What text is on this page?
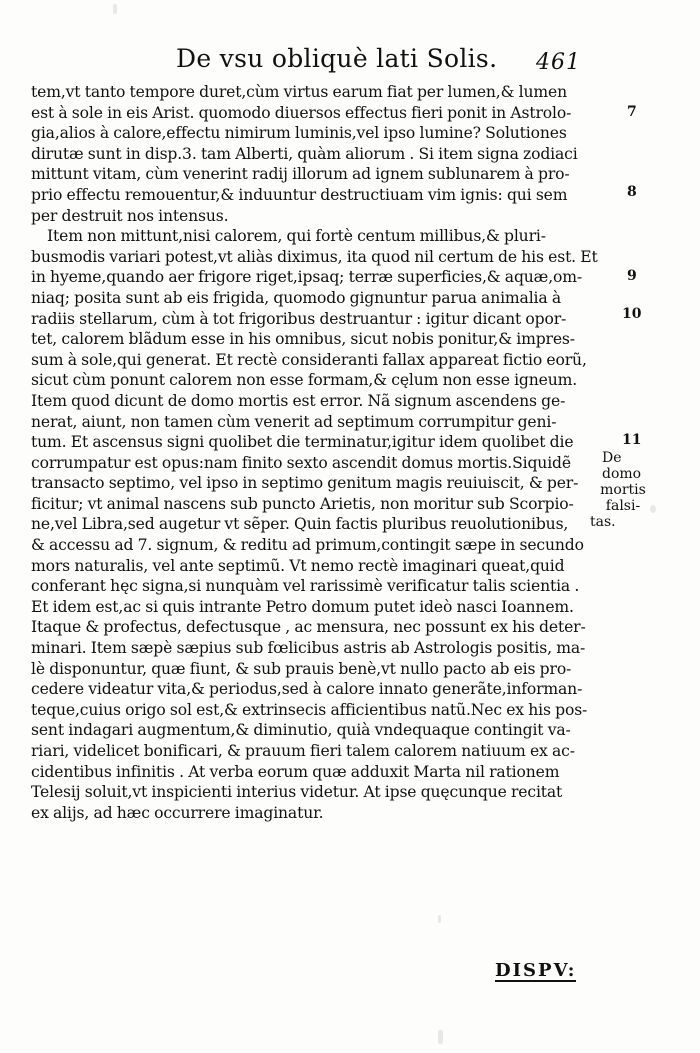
De vsu obliquè lati Solis. 461
tem,vt tanto tempore duret,cùm virtus earum fiat per lumen,& lumen
est à sole in eis Arist. quomodo diuersos effectus fieri ponit in Astrolo-
gia,alios à calore,effectu nimirum luminis,vel ipso lumine? Solutiones
dirutæ sunt in disp.3. tam Alberti, quàm aliorum . Si item signa zodiaci
mittunt vitam, cùm venerint radij illorum ad ignem sublunarem à pro-
prio effectu remouentur,& induuntur destructiuam vim ignis: qui sem
per destruit nos intensus.
Item non mittunt,nisi calorem, qui fortè centum millibus,& pluri-
busmodis variari potest,vt aliàs diximus, ita quod nil certum de his est. Et
in hyeme,quando aer frigore riget,ipsaq; terræ superficies,& aquæ,om-
niaq; posita sunt ab eis frigida, quomodo gignuntur parua animalia à
radiis stellarum, cùm à tot frigoribus destruantur : igitur dicant opor-
tet, calorem blãdum esse in his omnibus, sicut nobis ponitur,& impres-
sum à sole,qui generat. Et rectè consideranti fallax appareat fictio eorũ,
sicut cùm ponunt calorem non esse formam,& cęlum non esse igneum.
Item quod dicunt de domo mortis est error. Nã signum ascendens ge-
nerat, aiunt, non tamen cùm venerit ad septimum corrumpitur geni-
tum. Et ascensus signi quolibet die terminatur,igitur idem quolibet die
corrumpatur est opus:nam finito sexto ascendit domus mortis.Siquidẽ
transacto septimo, vel ipso in septimo genitum magis reuiuiscit, & per-
ficitur; vt animal nascens sub puncto Arietis, non moritur sub Scorpio-
ne,vel Libra,sed augetur vt sẽper. Quin factis pluribus reuolutionibus,
& accessu ad 7. signum, & reditu ad primum,contingit sæpe in secundo
mors naturalis, vel ante septimũ. Vt nemo rectè imaginari queat,quid
conferant hęc signa,si nunquàm vel rarissimè verificatur talis scientia .
Et idem est,ac si quis intrante Petro domum putet ideò nasci Ioannem.
Itaque & profectus, defectusque , ac mensura, nec possunt ex his deter-
minari. Item sæpè sæpius sub fœlicibus astris ab Astrologis positis, ma-
lè disponuntur, quæ fiunt, & sub prauis benè,vt nullo pacto ab eis pro-
cedere videatur vita,& periodus,sed à calore innato generãte,informan-
teque,cuius origo sol est,& extrinsecis afficientibus natũ.Nec ex his pos-
sent indagari augmentum,& diminutio, quià vndequaque contingit va-
riari, videlicet bonificari, & prauum fieri talem calorem natiuum ex ac-
cidentibus infinitis . At verba eorum quæ adduxit Marta nil rationem
Telesij soluit,vt inspicienti interius videtur. At ipse quęcunque recitat
ex alijs, ad hæc occurrere imaginatur.
7
8
9
10
11
De domo
mortis falsi-
tas.
DISPV:
